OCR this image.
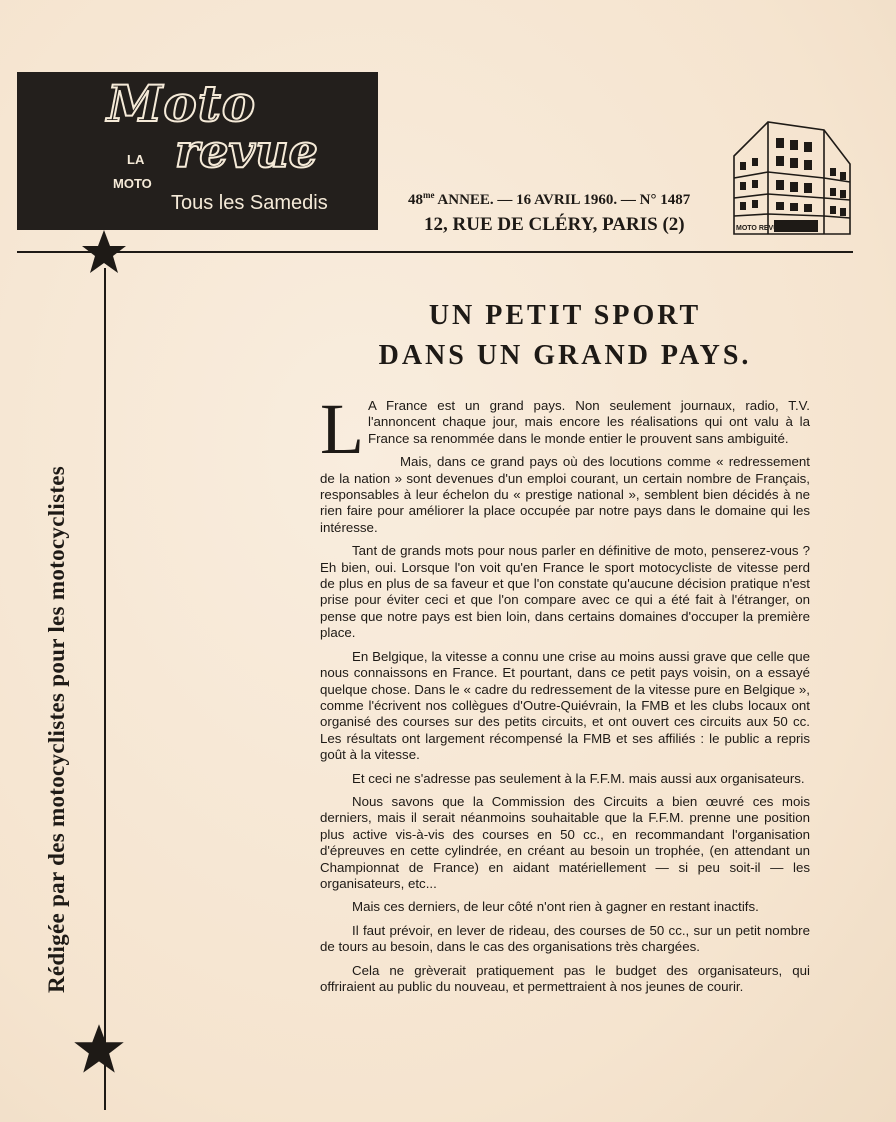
Moto
LA revue
MOTO
Tous les Samedis	$48^{me}$ ANNEE. — 16 AVRIL 1960. — N° 1487
12, RUE DE CLÉRY, PARIS (2)	MOTO REVUE
Rédigée par des motocyclistes pour les motocyclistes
UN PETIT SPORT
DANS UN GRAND PAYS.

L A France est un grand pays. Non seulement journaux, radio, T.V. l'annoncent chaque jour, mais encore les réalisations qui ont valu à la France sa renommée dans le monde entier le prouvent sans ambiguité.

Mais, dans ce grand pays où des locutions comme « redressement de la nation » sont devenues d'un emploi courant, un certain nombre de Français, responsables à leur échelon du « prestige national », semblent bien décidés à ne rien faire pour améliorer la place occupée par notre pays dans le domaine qui les intéresse.

Tant de grands mots pour nous parler en définitive de moto, penserez-vous ? Eh bien, oui. Lorsque l'on voit qu'en France le sport motocycliste de vitesse perd de plus en plus de sa faveur et que l'on constate qu'aucune décision pratique n'est prise pour éviter ceci et que l'on compare avec ce qui a été fait à l'étranger, on pense que notre pays est bien loin, dans certains domaines d'occuper la première place.

En Belgique, la vitesse a connu une crise au moins aussi grave que celle que nous connaissons en France. Et pourtant, dans ce petit pays voisin, on a essayé quelque chose. Dans le « cadre du redressement de la vitesse pure en Belgique », comme l'écrivent nos collègues d'Outre-Quiévrain, la FMB et les clubs locaux ont organisé des courses sur des petits circuits, et ont ouvert ces circuits aux 50 cc. Les résultats ont largement récompensé la FMB et ses affiliés : le public a repris goût à la vitesse.

Et ceci ne s'adresse pas seulement à la F.F.M. mais aussi aux organisateurs.

Nous savons que la Commission des Circuits a bien œuvré ces mois derniers, mais il serait néanmoins souhaitable que la F.F.M. prenne une position plus active vis-à-vis des courses en 50 cc., en recommandant l'organisation d'épreuves en cette cylindrée, en créant au besoin un trophée, (en attendant un Championnat de France) en aidant matériellement — si peu soit-il — les organisateurs, etc...

Mais ces derniers, de leur côté n'ont rien à gagner en restant inactifs.

Il faut prévoir, en lever de rideau, des courses de 50 cc., sur un petit nombre de tours au besoin, dans le cas des organisations très chargées.

Cela ne grèverait pratiquement pas le budget des organisateurs, qui offriraient au public du nouveau, et permettraient à nos jeunes de courir.
